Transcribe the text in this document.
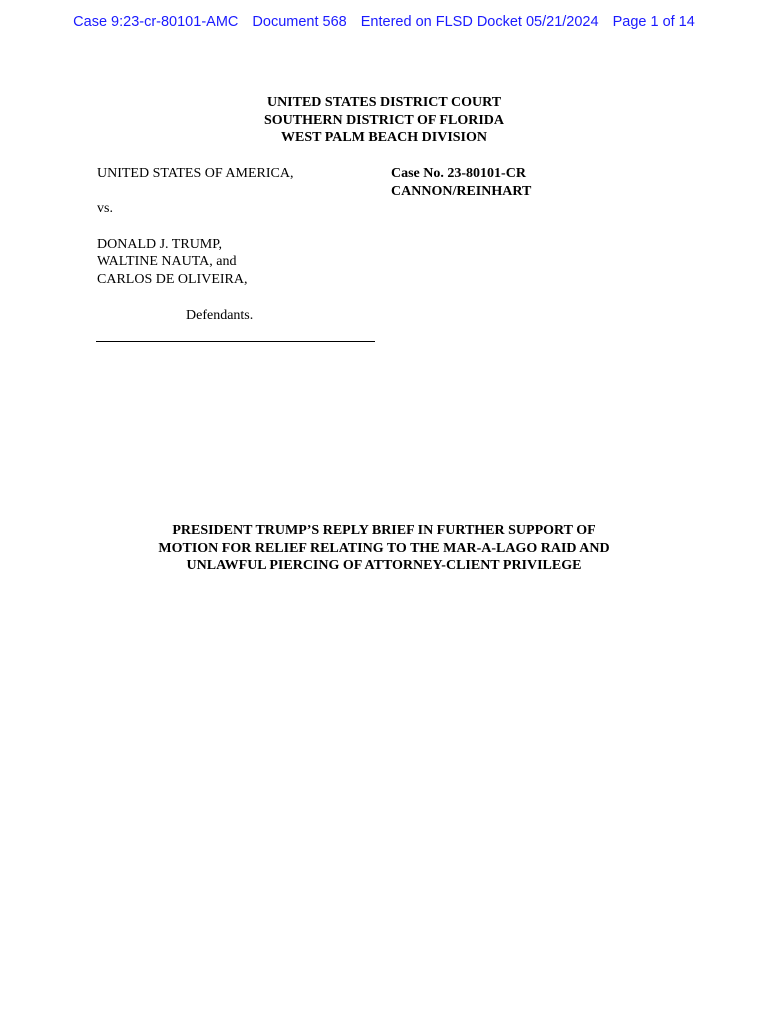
Case 9:23-cr-80101-AMC Document 568 Entered on FLSD Docket 05/21/2024 Page 1 of 14
UNITED STATES DISTRICT COURT
SOUTHERN DISTRICT OF FLORIDA
WEST PALM BEACH DIVISION
UNITED STATES OF AMERICA,
vs.
DONALD J. TRUMP,
WALTINE NAUTA, and
CARLOS DE OLIVEIRA,
Defendants.
Case No. 23-80101-CR
CANNON/REINHART
PRESIDENT TRUMP’S REPLY BRIEF IN FURTHER SUPPORT OF
MOTION FOR RELIEF RELATING TO THE MAR-A-LAGO RAID AND
UNLAWFUL PIERCING OF ATTORNEY-CLIENT PRIVILEGE
